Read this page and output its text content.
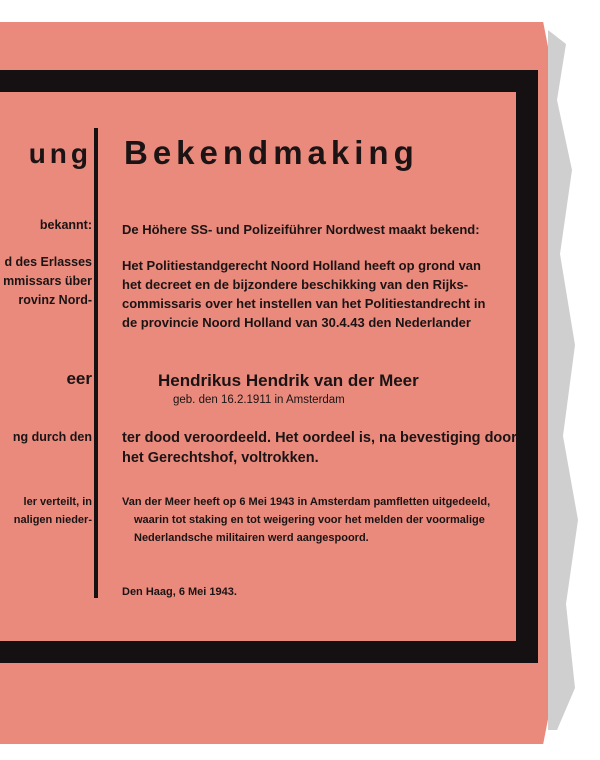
ung
bekannt:
d des Erlasses
mmissars über
rovinz Nord-
eer
ng durch den
ler verteilt, in
naligen nieder-
Bekendmaking
De Höhere SS- und Polizeiführer Nordwest maakt bekend:
Het Politiestandgerecht Noord Holland heeft op grond van
het decreet en de bijzondere beschikking van den Rijks-
commissaris over het instellen van het Politiestandrecht in
de provincie Noord Holland van 30.4.43 den Nederlander
Hendrikus Hendrik van der Meer
geb. den 16.2.1911 in Amsterdam
ter dood veroordeeld. Het oordeel is, na bevestiging door
het Gerechtshof, voltrokken.
Van der Meer heeft op 6 Mei 1943 in Amsterdam pamfletten uitgedeeld,
waarin tot staking en tot weigering voor het melden der voormalige
Nederlandsche militairen werd aangespoord.
Den Haag, 6 Mei 1943.
